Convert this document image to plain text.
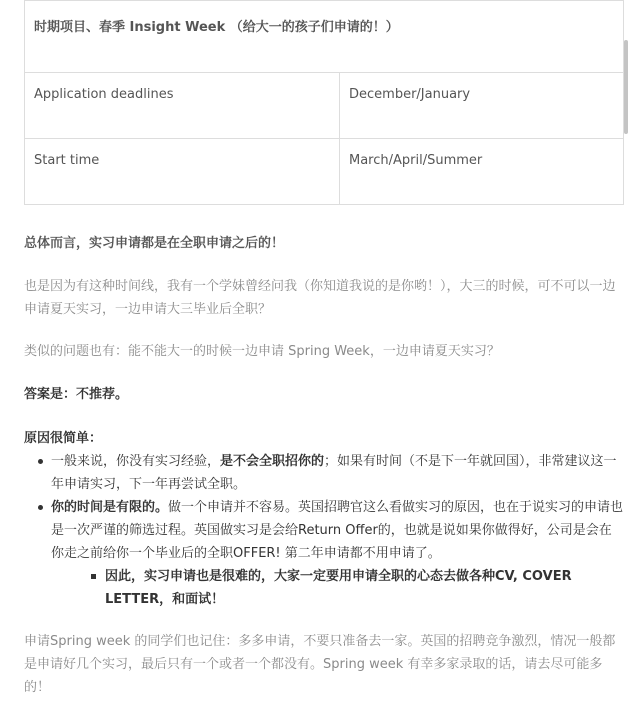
时期项目、春季 Insight Week （给大一的孩子们申请的！）	
Application deadlines	December/January
Start time	March/April/Summer

总体而言，实习申请都是在全职申请之后的！

也是因为有这种时间线，我有一个学妹曾经问我（你知道我说的是你哟！），大三的时候，可不可以一边申请夏天实习，一边申请大三毕业后全职？

类似的问题也有：能不能大一的时候一边申请 Spring Week，一边申请夏天实习？

答案是：不推荐。

原因很简单：

一般来说，你没有实习经验，是不会全职招你的；如果有时间（不是下一年就回国），非常建议这一年申请实习，下一年再尝试全职。
你的时间是有限的。做一个申请并不容易。英国招聘官这么看做实习的原因，也在于说实习的申请也是一次严谨的筛选过程。英国做实习是会给Return Offer的，也就是说如果你做得好，公司是会在你走之前给你一个毕业后的全职OFFER! 第二年申请都不用申请了。
因此，实习申请也是很难的，大家一定要用申请全职的心态去做各种CV, COVER LETTER，和面试！

申请Spring week 的同学们也记住：多多申请，不要只准备去一家。英国的招聘竞争激烈，情况一般都是申请好几个实习，最后只有一个或者一个都没有。Spring week 有幸多家录取的话，请去尽可能多的！
